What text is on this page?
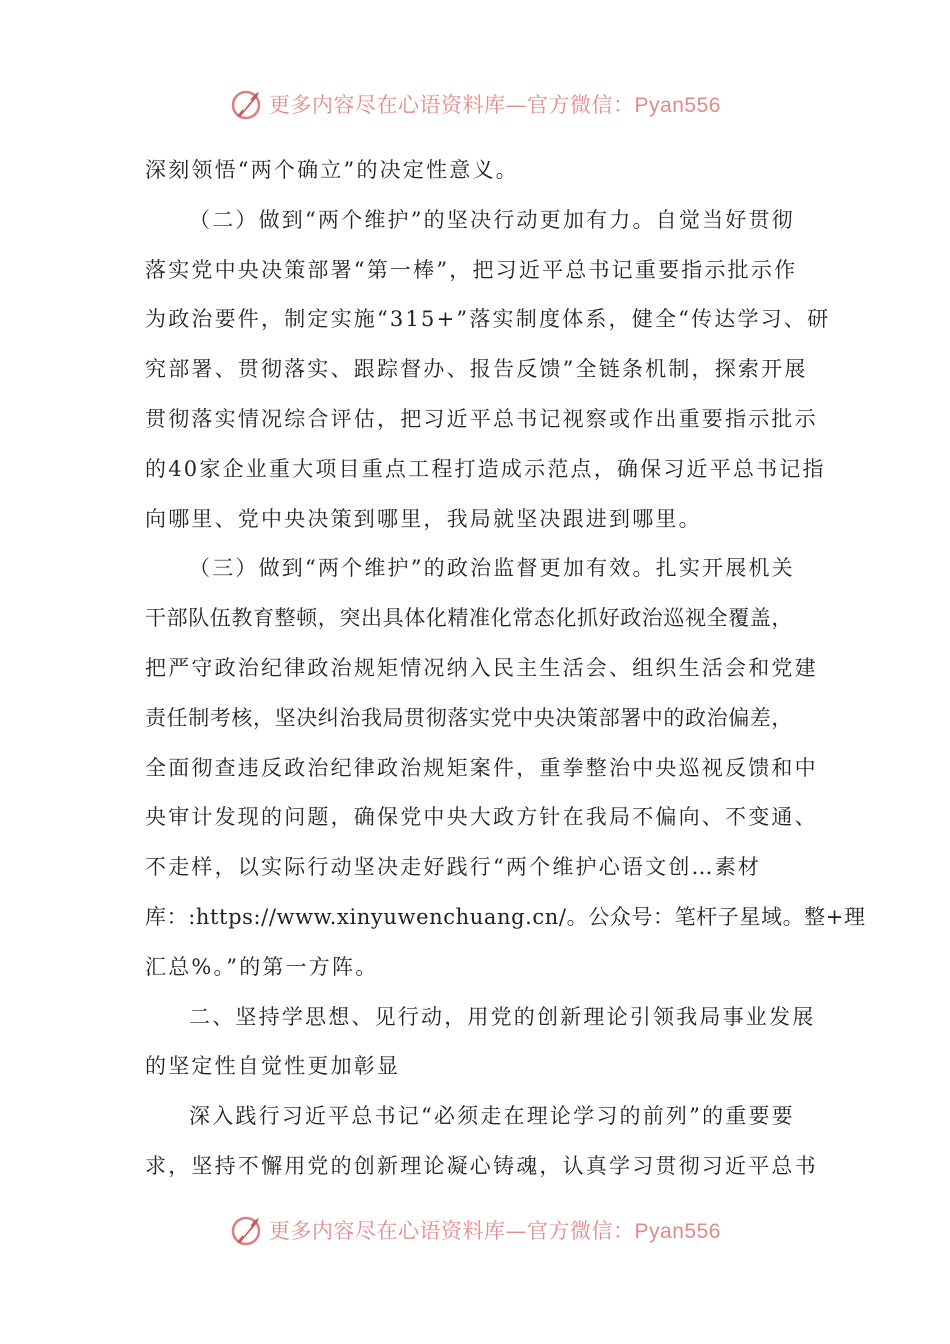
更多内容尽在心语资料库—官方微信：Pyan556
深刻领悟“两个确立”的决定性意义。
（二）做到“两个维护”的坚决行动更加有力。自觉当好贯彻
落实党中央决策部署“第一棒”，把习近平总书记重要指示批示作
为政治要件，制定实施“315+”落实制度体系，健全“传达学习、研
究部署、贯彻落实、跟踪督办、报告反馈”全链条机制，探索开展
贯彻落实情况综合评估，把习近平总书记视察或作出重要指示批示
的40家企业重大项目重点工程打造成示范点，确保习近平总书记指
向哪里、党中央决策到哪里，我局就坚决跟进到哪里。
（三）做到“两个维护”的政治监督更加有效。扎实开展机关
干部队伍教育整顿，突出具体化精准化常态化抓好政治巡视全覆盖，
把严守政治纪律政治规矩情况纳入民主生活会、组织生活会和党建
责任制考核，坚决纠治我局贯彻落实党中央决策部署中的政治偏差，
全面彻查违反政治纪律政治规矩案件，重拳整治中央巡视反馈和中
央审计发现的问题，确保党中央大政方针在我局不偏向、不变通、
不走样，以实际行动坚决走好践行“两个维护心语文创…素材
库：:https://www.xinyuwenchuang.cn/。公众号：笔杆子星域。整+理
汇总%。”的第一方阵。
二、坚持学思想、见行动，用党的创新理论引领我局事业发展
的坚定性自觉性更加彰显
深入践行习近平总书记“必须走在理论学习的前列”的重要要
求，坚持不懈用党的创新理论凝心铸魂，认真学习贯彻习近平总书
更多内容尽在心语资料库—官方微信：Pyan556
